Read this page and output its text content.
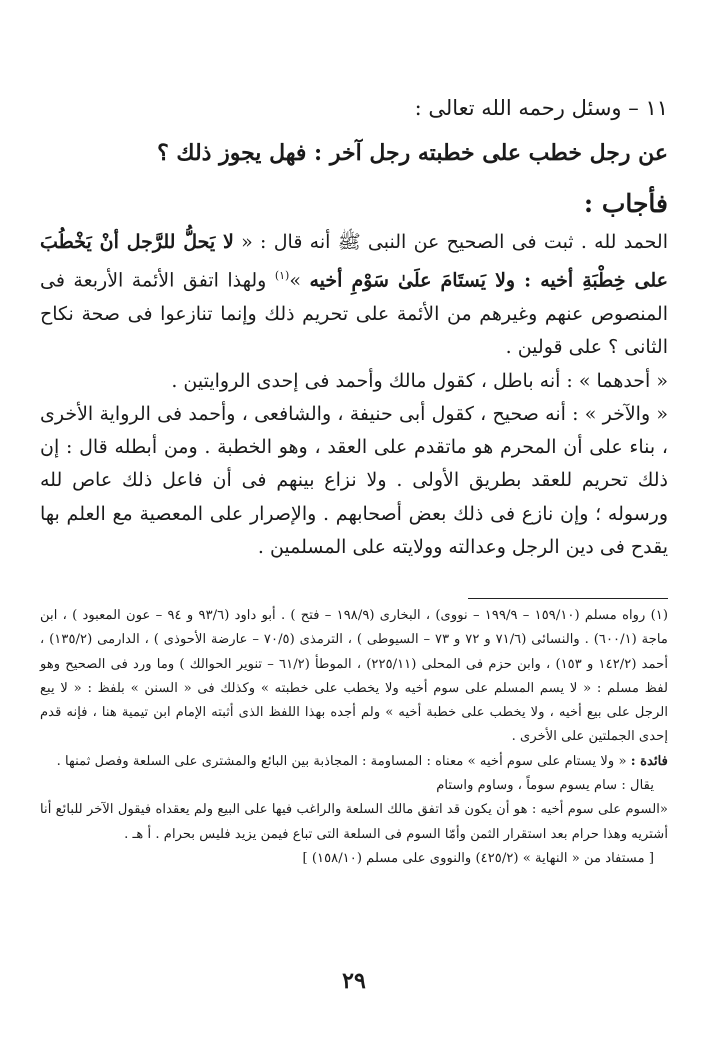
١١ – وسئل رحمه الله تعالى :
عن رجل خطب على خطبته رجل آخر : فهل يجوز ذلك ؟
فأجاب :

الحمد لله . ثبت فى الصحيح عن النبى ﷺ أنه قال : « لا يَحلُّ للرَّجل أنْ يَخْطُبَ على خِطْبَةِ أخيه : ولا يَستَامَ علَىٰ سَوْمِ أخيه »$^{(١)}$ ولهذا اتفق الأئمة الأربعة فى المنصوص عنهم وغيرهم من الأئمة على تحريم ذلك وإنما تنازعوا فى صحة نكاح الثانى ؟ على قولين .

« أحدهما » : أنه باطل ، كقول مالك وأحمد فى إحدى الروايتين .

« والآخر » : أنه صحيح ، كقول أبى حنيفة ، والشافعى ، وأحمد فى الرواية الأخرى ، بناء على أن المحرم هو ماتقدم على العقد ، وهو الخطبة . ومن أبطله قال : إن ذلك تحريم للعقد بطريق الأولى . ولا نزاع بينهم فى أن فاعل ذلك عاص لله ورسوله ؛ وإن نازع فى ذلك بعض أصحابهم . والإصرار على المعصية مع العلم بها يقدح فى دين الرجل وعدالته وولايته على المسلمين .

(١) رواه مسلم (١٥٩/١٠ – ١٩٩/٩ – نووى) ، البخارى (١٩٨/٩ – فتح ) . أبو داود (٩٣/٦ و ٩٤ – عون المعبود ) ، ابن ماجة (٦٠٠/١) . والنسائى (٧١/٦ و ٧٢ و ٧٣ – السيوطى ) ، الترمذى (٧٠/٥ – عارضة الأحوذى ) ، الدارمى (١٣٥/٢) ، أحمد (١٤٢/٢ و ١٥٣) ، وابن حزم فى المحلى (٢٢٥/١١) ، الموطأ (٦١/٢ – تنوير الحوالك ) وما ورد فى الصحيح وهو لفظ مسلم : « لا يسم المسلم على سوم أخيه ولا يخطب على خطبته » وكذلك فى « السنن » بلفظ : « لا يبع الرجل على بيع أخيه ، ولا يخطب على خطبة أخيه » ولم أجده بهذا اللفظ الذى أثبته الإمام ابن تيمية هنا ، فإنه قدم إحدى الجملتين على الأخرى .

فائدة : « ولا يستام على سوم أخيه » معناه : المساومة : المجاذبة بين البائع والمشترى على السلعة وفصل ثمنها .

يقال : سام يسوم سوماً ، وساوم واستام

«السوم على سوم أخيه : هو أن يكون قد اتفق مالك السلعة والراغب فيها على البيع ولم يعقداه فيقول الآخر للبائع أنا أشتريه وهذا حرام بعد استقرار الثمن وأمّا السوم فى السلعة التى تباع فيمن يزيد فليس بحرام . أ هـ .

[ مستفاد من « النهاية » (٤٢٥/٢) والنووى على مسلم (١٥٨/١٠) ]

٢٩
